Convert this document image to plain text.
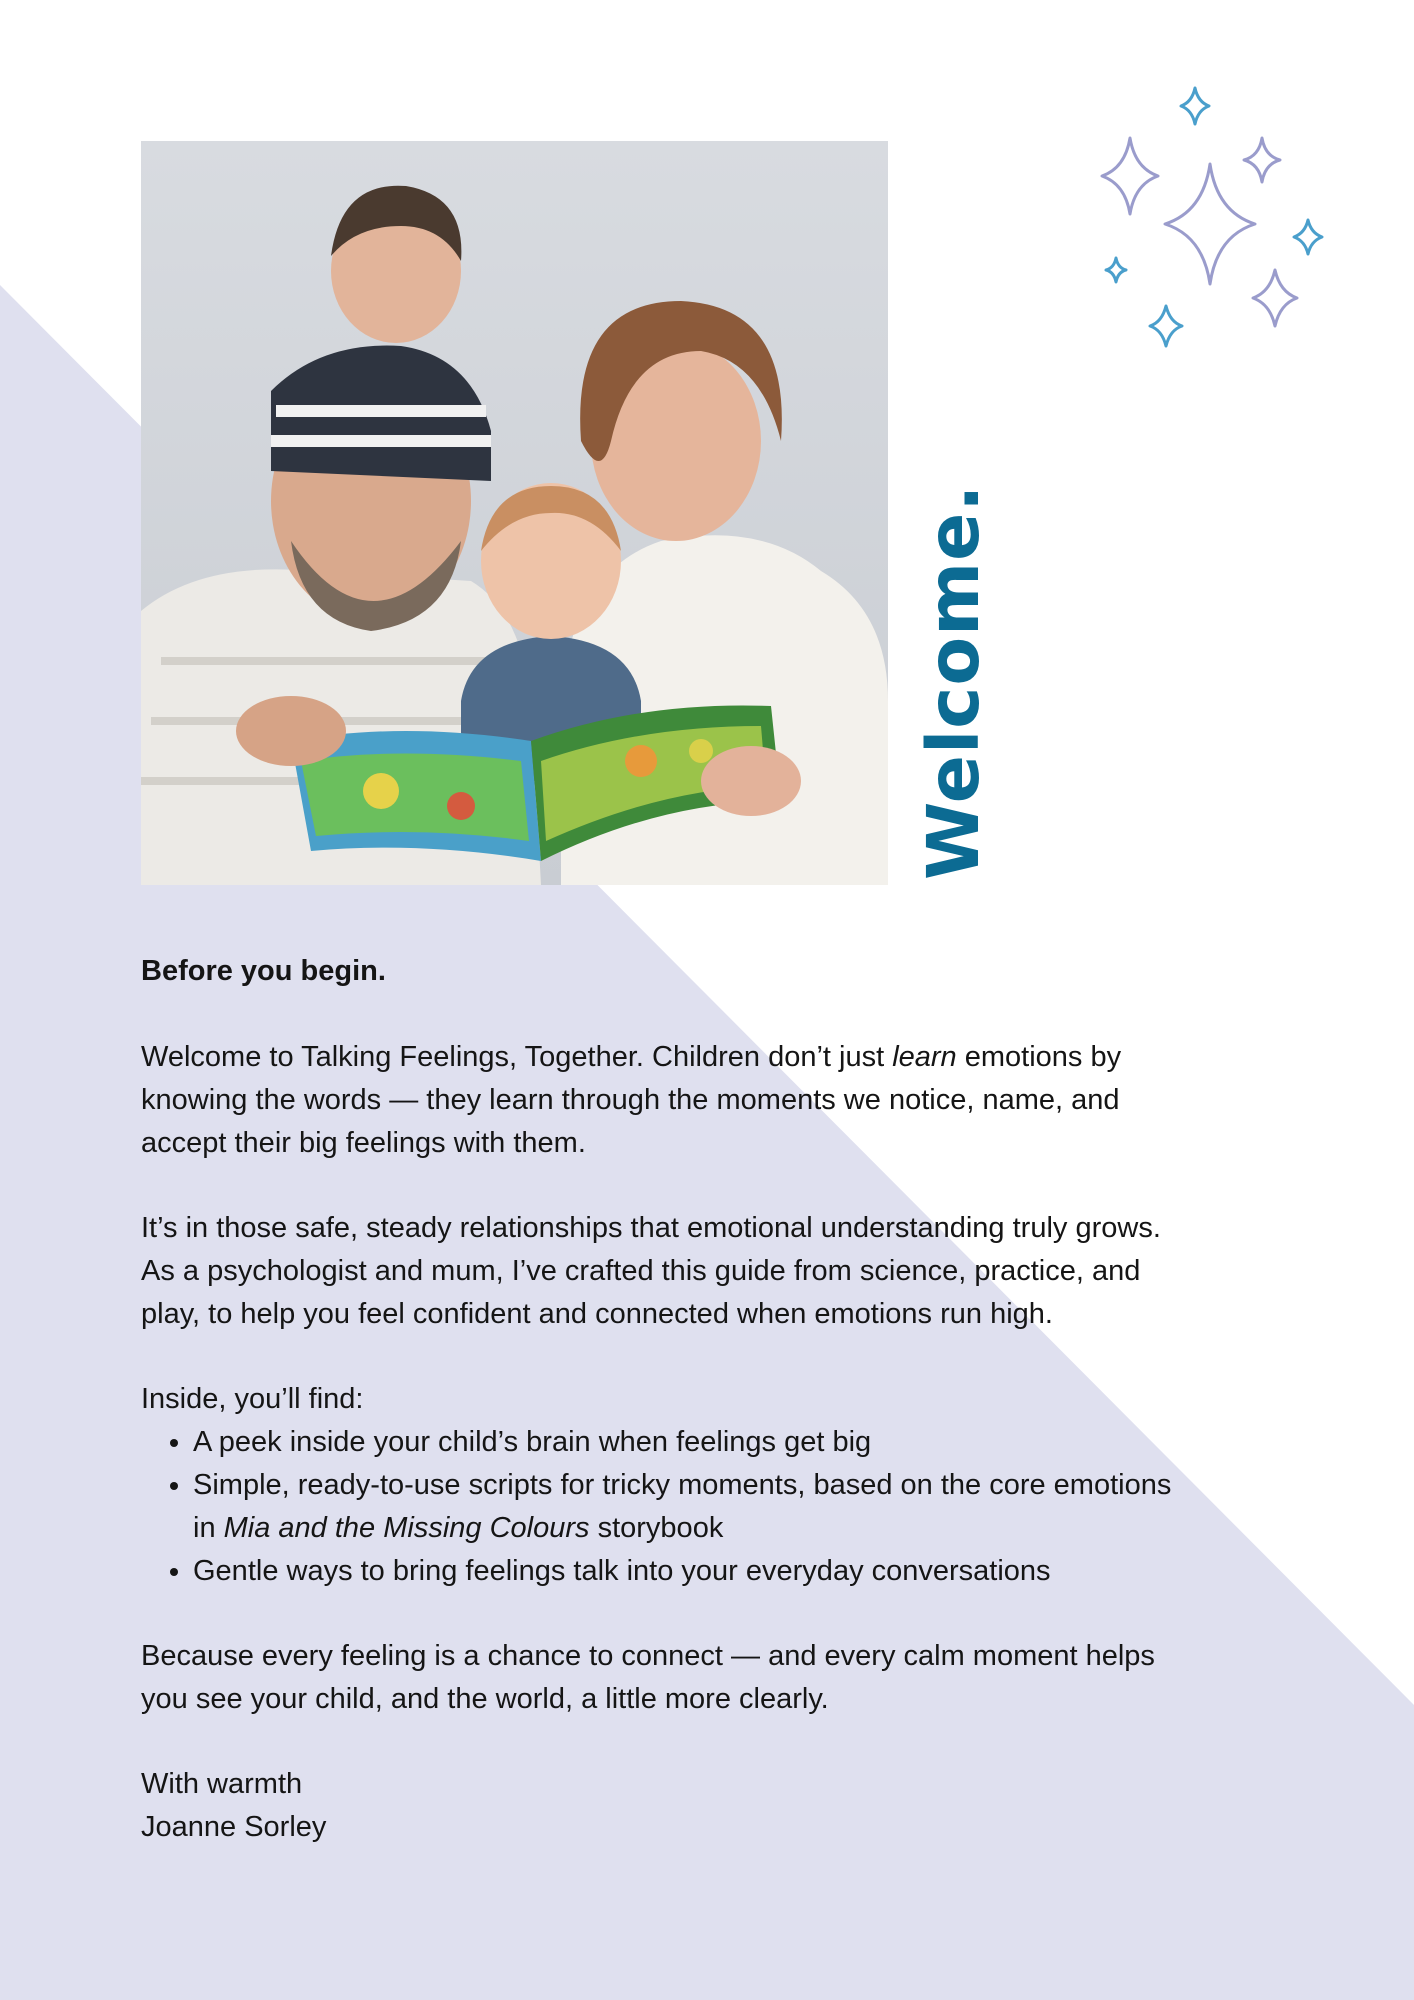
Welcome.

Before you begin.

Welcome to Talking Feelings, Together. Children don’t just learn emotions by knowing the words — they learn through the moments we notice, name, and accept their big feelings with them.

It’s in those safe, steady relationships that emotional understanding truly grows. As a psychologist and mum, I’ve crafted this guide from science, practice, and play, to help you feel confident and connected when emotions run high.

Inside, you’ll find:

• A peek inside your child’s brain when feelings get big
• Simple, ready-to-use scripts for tricky moments, based on the core emotions in Mia and the Missing Colours storybook
• Gentle ways to bring feelings talk into your everyday conversations

Because every feeling is a chance to connect — and every calm moment helps you see your child, and the world, a little more clearly.

With warmth

Joanne Sorley
